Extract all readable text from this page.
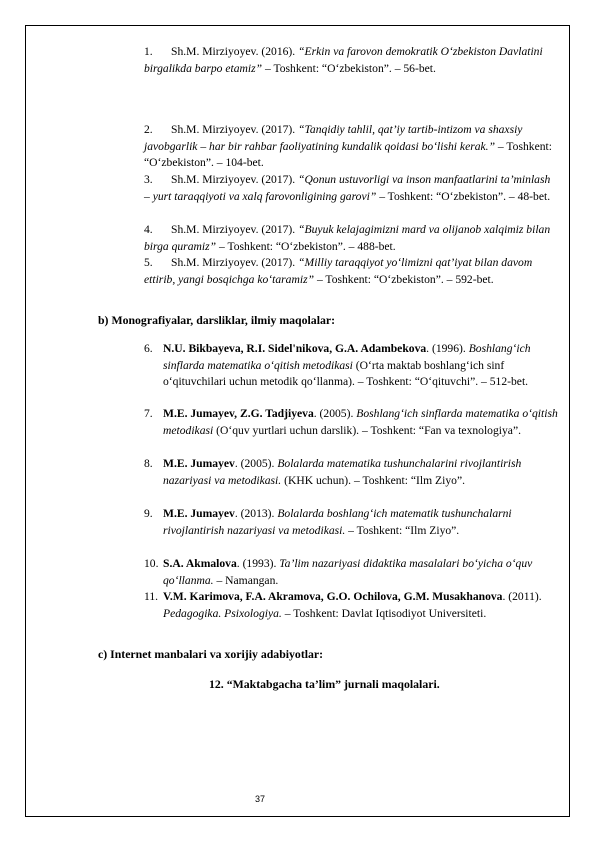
1.	Sh.M. Mirziyoyev. (2016). “Erkin va farovon demokratik O‘zbekiston Davlatini birgalikda barpo etamiz” – Toshkent: “O‘zbekiston”. – 56-bet.
2.	Sh.M. Mirziyoyev. (2017). “Tanqidiy tahlil, qat’iy tartib-intizom va shaxsiy javobgarlik – har bir rahbar faoliyatining kundalik qoidasi bo‘lishi kerak.” – Toshkent: “O‘zbekiston”. – 104-bet.
3.	Sh.M. Mirziyoyev. (2017). “Qonun ustuvorligi va inson manfaatlarini ta’minlash – yurt taraqqiyoti va xalq farovonligining garovi” – Toshkent: “O‘zbekiston”. – 48-bet.
4.	Sh.M. Mirziyoyev. (2017). “Buyuk kelajagimizni mard va olijanob xalqimiz bilan birga quramiz” – Toshkent: “O‘zbekiston”. – 488-bet.
5.	Sh.M. Mirziyoyev. (2017). “Milliy taraqqiyot yo‘limizni qat’iyat bilan davom ettirib, yangi bosqichga ko‘taramiz” – Toshkent: “O‘zbekiston”. – 592-bet.
b) Monografiyalar, darsliklar, ilmiy maqolalar:
6. N.U. Bikbayeva, R.I. Sidel'nikova, G.A. Adambekova. (1996). Boshlang‘ich sinflarda matematika o‘qitish metodikasi (O‘rta maktab boshlang‘ich sinf o‘qituvchilari uchun metodik qo‘llanma). – Toshkent: “O‘qituvchi”. – 512-bet.
7. M.E. Jumayev, Z.G. Tadjiyeva. (2005). Boshlang‘ich sinflarda matematika o‘qitish metodikasi (O‘quv yurtlari uchun darslik). – Toshkent: “Fan va texnologiya”.
8. M.E. Jumayev. (2005). Bolalarda matematika tushunchalarini rivojlantirish nazariyasi va metodikasi. (KHK uchun). – Toshkent: “Ilm Ziyo”.
9. M.E. Jumayev. (2013). Bolalarda boshlang‘ich matematik tushunchalarni rivojlantirish nazariyasi va metodikasi. – Toshkent: “Ilm Ziyo”.
10. S.A. Akmalova. (1993). Ta’lim nazariyasi didaktika masalalari bo‘yicha o‘quv qo‘llanma. – Namangan.
11. V.M. Karimova, F.A. Akramova, G.O. Ochilova, G.M. Musakhanova. (2011). Pedagogika. Psixologiya. – Toshkent: Davlat Iqtisodiyot Universiteti.
c) Internet manbalari va xorijiy adabiyotlar:
12. “Maktabgacha ta’lim” jurnali maqolalari.
37
